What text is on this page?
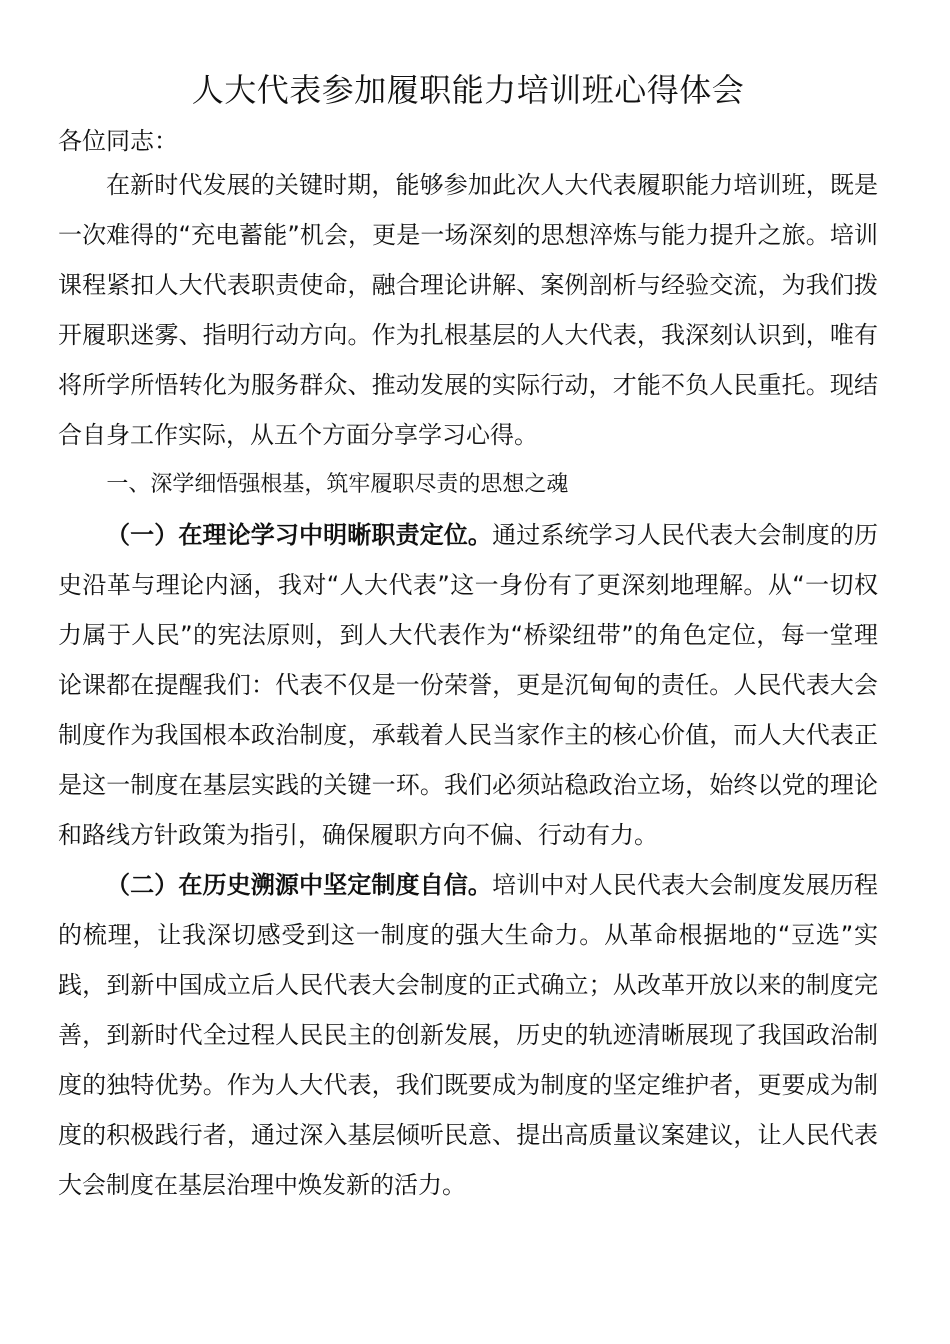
人大代表参加履职能力培训班心得体会

各位同志：

在新时代发展的关键时期，能够参加此次人大代表履职能力培训班，既是一次难得的“充电蓄能”机会，更是一场深刻的思想淬炼与能力提升之旅。培训课程紧扣人大代表职责使命，融合理论讲解、案例剖析与经验交流，为我们拨开履职迷雾、指明行动方向。作为扎根基层的人大代表，我深刻认识到，唯有将所学所悟转化为服务群众、推动发展的实际行动，才能不负人民重托。现结合自身工作实际，从五个方面分享学习心得。

一、深学细悟强根基，筑牢履职尽责的思想之魂

（一）在理论学习中明晰职责定位。通过系统学习人民代表大会制度的历史沿革与理论内涵，我对“人大代表”这一身份有了更深刻地理解。从“一切权力属于人民”的宪法原则，到人大代表作为“桥梁纽带”的角色定位，每一堂理论课都在提醒我们：代表不仅是一份荣誉，更是沉甸甸的责任。人民代表大会制度作为我国根本政治制度，承载着人民当家作主的核心价值，而人大代表正是这一制度在基层实践的关键一环。我们必须站稳政治立场，始终以党的理论和路线方针政策为指引，确保履职方向不偏、行动有力。

（二）在历史溯源中坚定制度自信。培训中对人民代表大会制度发展历程的梳理，让我深切感受到这一制度的强大生命力。从革命根据地的“豆选”实践，到新中国成立后人民代表大会制度的正式确立；从改革开放以来的制度完善，到新时代全过程人民民主的创新发展，历史的轨迹清晰展现了我国政治制度的独特优势。作为人大代表，我们既要成为制度的坚定维护者，更要成为制度的积极践行者，通过深入基层倾听民意、提出高质量议案建议，让人民代表大会制度在基层治理中焕发新的活力。
